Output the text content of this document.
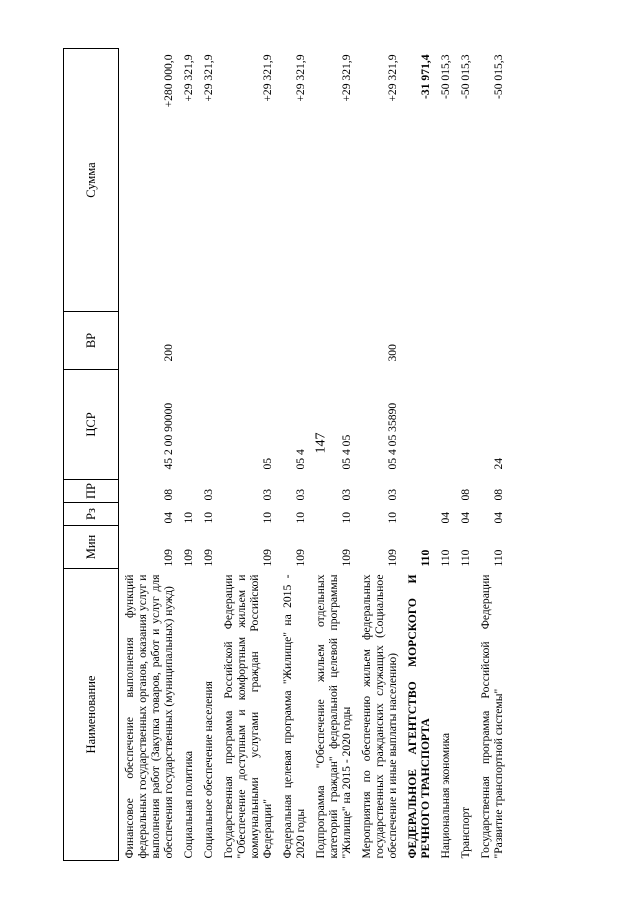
147
Наименование	Мин	Рз	ПР	ЦСР	ВР	Сумма
Финансовое обеспечение выполнения функций федеральных государственных органов, оказания услуг и выполнения работ (Закупка товаров, работ и услуг для обеспечения государственных (муниципальных) нужд)	109	04	08	45 2 00 90000	200	+280 000,0
Социальная политика	109	10				+29 321,9
Социальное обеспечение населения	109	10	03			+29 321,9
Государственная программа Российской Федерации "Обеспечение доступным и комфортным жильем и коммунальными услугами граждан Российской Федерации"	109	10	03	05		+29 321,9
Федеральная целевая программа "Жилище" на 2015 - 2020 годы	109	10	03	05 4		+29 321,9
Подпрограмма "Обеспечение жильем отдельных категорий граждан" федеральной целевой программы "Жилище" на 2015 - 2020 годы	109	10	03	05 4 05		+29 321,9
Мероприятия по обеспечению жильем федеральных государственных гражданских служащих (Социальное обеспечение и иные выплаты населению)	109	10	03	05 4 05 35890	300	+29 321,9
ФЕДЕРАЛЬНОЕ АГЕНТСТВО МОРСКОГО И РЕЧНОГО ТРАНСПОРТА	110					-31 971,4
Национальная экономика	110	04				-50 015,3
Транспорт	110	04	08			-50 015,3
Государственная программа Российской Федерации "Развитие транспортной системы"	110	04	08	24		-50 015,3
